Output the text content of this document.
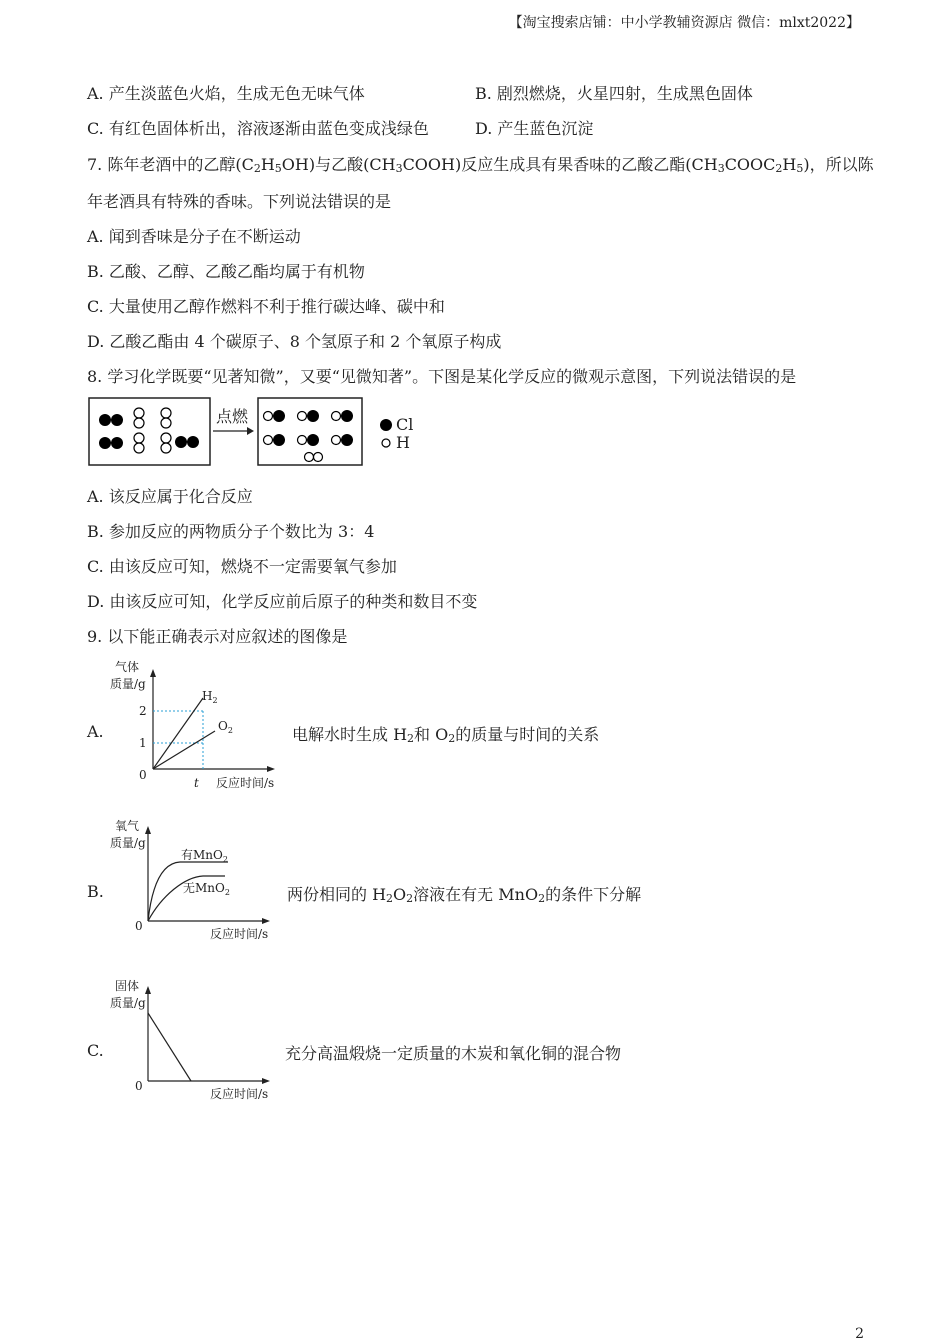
【淘宝搜索店铺：中小学教辅资源店 微信：mlxt2022】
A. 产生淡蓝色火焰，生成无色无味气体	B. 剧烈燃烧，火星四射，生成黑色固体
C. 有红色固体析出，溶液逐渐由蓝色变成浅绿色	D. 产生蓝色沉淀
7. 陈年老酒中的乙醇(C2H5OH)与乙酸(CH3COOH)反应生成具有果香味的乙酸乙酯(CH3COOC2H5)，所以陈
年老酒具有特殊的香味。下列说法错误的是
A. 闻到香味是分子在不断运动
B. 乙酸、乙醇、乙酸乙酯均属于有机物
C. 大量使用乙醇作燃料不利于推行碳达峰、碳中和
D. 乙酸乙酯由 4 个碳原子、8 个氢原子和 2 个氧原子构成
8. 学习化学既要“见著知微”，又要“见微知著”。下图是某化学反应的微观示意图，下列说法错误的是
点燃	Cl
H
A. 该反应属于化合反应
B. 参加反应的两物质分子个数比为 3：4
C. 由该反应可知，燃烧不一定需要氧气参加
D. 由该反应可知，化学反应前后原子的种类和数目不变
9. 以下能正确表示对应叙述的图像是
A.
气体
质量/g
$H_2$
$O_2$
2
1
0
t 反应时间/s
电解水时生成 H2和 O2的质量与时间的关系
B.
氧气
质量/g
有MnO$_2$
无MnO$_2$
0
反应时间/s
两份相同的 H2O2溶液在有无 MnO2的条件下分解
C.
固体
质量/g
0
反应时间/s
充分高温煅烧一定质量的木炭和氧化铜的混合物
2
